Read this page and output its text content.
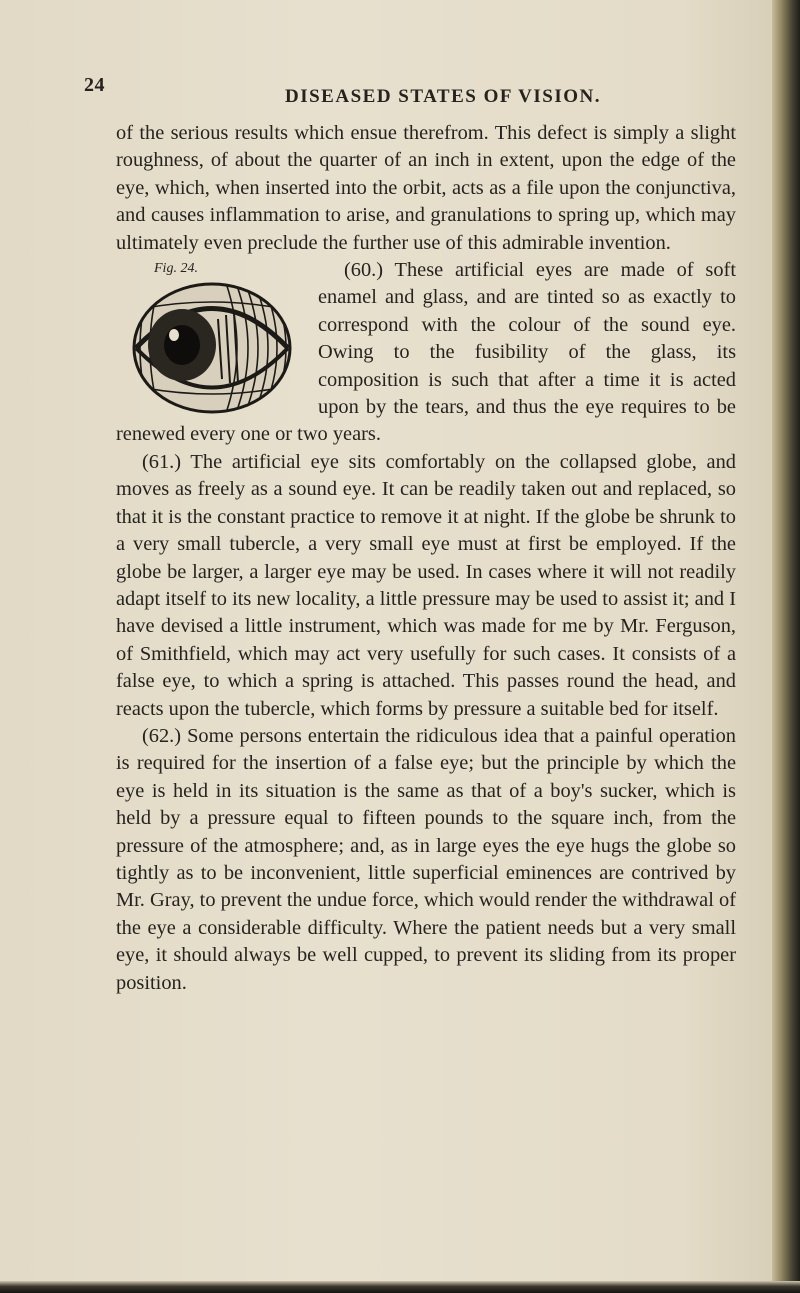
24
DISEASED STATES OF VISION.

of the serious results which ensue therefrom. This defect is simply a slight roughness, of about the quarter of an inch in extent, upon the edge of the eye, which, when inserted into the orbit, acts as a file upon the conjunctiva, and causes inflammation to arise, and granulations to spring up, which may ultimately even preclude the further use of this admirable invention.

Fig. 24.	(60.) These artificial eyes are made of soft enamel and glass, and are tinted so as exactly to correspond with the colour of the sound eye. Owing to the fusibility of the glass, its composition is such that after a time it is acted upon by the tears, and thus the eye requires to be renewed every one or two years.

(61.) The artificial eye sits comfortably on the collapsed globe, and moves as freely as a sound eye. It can be readily taken out and replaced, so that it is the constant practice to remove it at night. If the globe be shrunk to a very small tubercle, a very small eye must at first be employed. If the globe be larger, a larger eye may be used. In cases where it will not readily adapt itself to its new locality, a little pressure may be used to assist it; and I have devised a little instrument, which was made for me by Mr. Ferguson, of Smithfield, which may act very usefully for such cases. It consists of a false eye, to which a spring is attached. This passes round the head, and reacts upon the tubercle, which forms by pressure a suitable bed for itself.

(62.) Some persons entertain the ridiculous idea that a painful operation is required for the insertion of a false eye; but the principle by which the eye is held in its situation is the same as that of a boy's sucker, which is held by a pressure equal to fifteen pounds to the square inch, from the pressure of the atmosphere; and, as in large eyes the eye hugs the globe so tightly as to be inconvenient, little superficial eminences are contrived by Mr. Gray, to prevent the undue force, which would render the withdrawal of the eye a considerable difficulty. Where the patient needs but a very small eye, it should always be well cupped, to prevent its sliding from its proper position.
